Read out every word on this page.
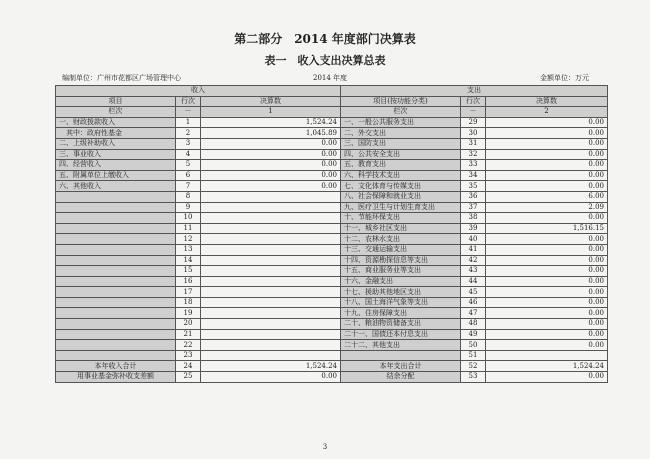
第二部分　2014 年度部门决算表
表一　收入支出决算总表
编制单位：广州市花都区广场管理中心	2014 年度	金额单位：万元
收入			支出		
项目	行次	决算数	项目(按功能分类)	行次	决算数
栏次	－	1	栏次	－	2
一、财政拨款收入	1	1,524.24	一、一般公共服务支出	29	0.00
　其中：政府性基金	2	1,045.89	二、外交支出	30	0.00
二、上级补助收入	3	0.00	三、国防支出	31	0.00
三、事业收入	4	0.00	四、公共安全支出	32	0.00
四、经营收入	5	0.00	五、教育支出	33	0.00
五、附属单位上缴收入	6	0.00	六、科学技术支出	34	0.00
六、其他收入	7	0.00	七、文化体育与传媒支出	35	0.00
	8		八、社会保障和就业支出	36	6.00
	9		九、医疗卫生与计划生育支出	37	2.09
	10		十、节能环保支出	38	0.00
	11		十一、城乡社区支出	39	1,516.15
	12		十二、农林水支出	40	0.00
	13		十三、交通运输支出	41	0.00
	14		十四、资源勘探信息等支出	42	0.00
	15		十五、商业服务业等支出	43	0.00
	16		十六、金融支出	44	0.00
	17		十七、援助其他地区支出	45	0.00
	18		十八、国土海洋气象等支出	46	0.00
	19		十九、住房保障支出	47	0.00
	20		二十、粮油物资储备支出	48	0.00
	21		二十一、国债还本付息支出	49	0.00
	22		二十二、其他支出	50	0.00
	23			51	
本年收入合计	24	1,524.24	本年支出合计	52	1,524.24
用事业基金弥补收支差额	25	0.00	结余分配	53	0.00
3
